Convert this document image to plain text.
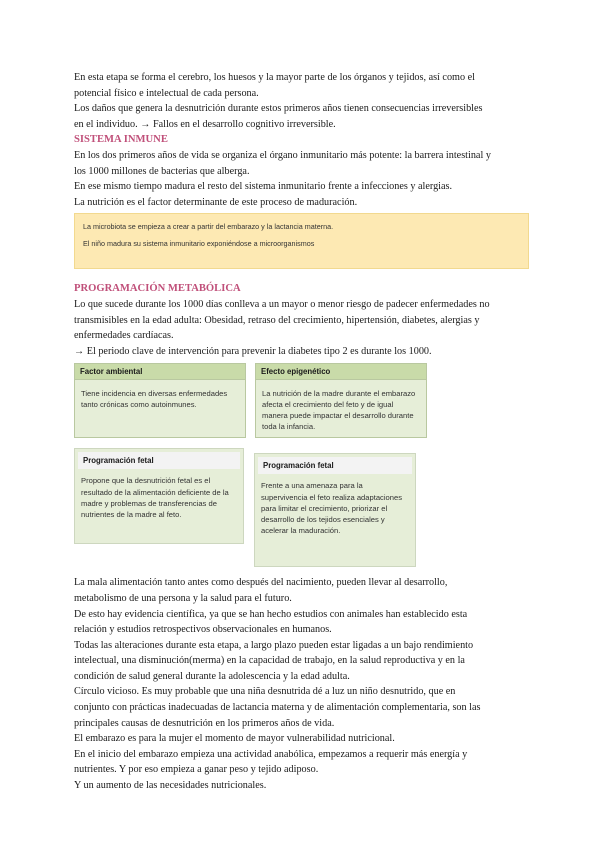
En esta etapa se forma el cerebro, los huesos y la mayor parte de los órganos y tejidos, así como el

potencial físico e intelectual de cada persona.

Los daños que genera la desnutrición durante estos primeros años tienen consecuencias irreversibles

en el individuo. → Fallos en el desarrollo cognitivo irreversible.

SISTEMA INMUNE

En los dos primeros años de vida se organiza el órgano inmunitario más potente: la barrera intestinal y

los 1000 millones de bacterias que alberga.

En ese mismo tiempo madura el resto del sistema inmunitario frente a infecciones y alergias.

La nutrición es el factor determinante de este proceso de maduración.

La microbiota se empieza a crear a partir del embarazo y la lactancia materna.
El niño madura su sistema inmunitario exponiéndose a microorganismos
PROGRAMACIÓN METABÓLICA

Lo que sucede durante los 1000 días conlleva a un mayor o menor riesgo de padecer enfermedades no

transmisibles en la edad adulta: Obesidad, retraso del crecimiento, hipertensión, diabetes, alergias y

enfermedades cardíacas.

→ El periodo clave de intervención para prevenir la diabetes tipo 2 es durante los 1000.

Factor ambiental
Tiene incidencia en diversas enfermedades tanto crónicas como autoinmunes.
Efecto epigenético
La nutrición de la madre durante el embarazo afecta el crecimiento del feto y de igual manera puede impactar el desarrollo durante toda la infancia.
Programación fetal
Propone que la desnutrición fetal es el resultado de la alimentación deficiente de la madre y problemas de transferencias de nutrientes de la madre al feto.
Programación fetal
Frente a una amenaza para la supervivencia el feto realiza adaptaciones para limitar el crecimiento, priorizar el desarrollo de los tejidos esenciales y acelerar la maduración.

La mala alimentación tanto antes como después del nacimiento, pueden llevar al desarrollo,

metabolismo de una persona y la salud para el futuro.

De esto hay evidencia científica, ya que se han hecho estudios con animales han establecido esta

relación y estudios retrospectivos observacionales en humanos.

Todas las alteraciones durante esta etapa, a largo plazo pueden estar ligadas a un bajo rendimiento

intelectual, una disminución(merma) en la capacidad de trabajo, en la salud reproductiva y en la

condición de salud general durante la adolescencia y la edad adulta.

Círculo vicioso. Es muy probable que una niña desnutrida dé a luz un niño desnutrido, que en

conjunto con prácticas inadecuadas de lactancia materna y de alimentación complementaria, son las

principales causas de desnutrición en los primeros años de vida.

El embarazo es para la mujer el momento de mayor vulnerabilidad nutricional.

En el inicio del embarazo empieza una actividad anabólica, empezamos a requerir más energía y

nutrientes. Y por eso empieza a ganar peso y tejido adiposo.

Y un aumento de las necesidades nutricionales.
